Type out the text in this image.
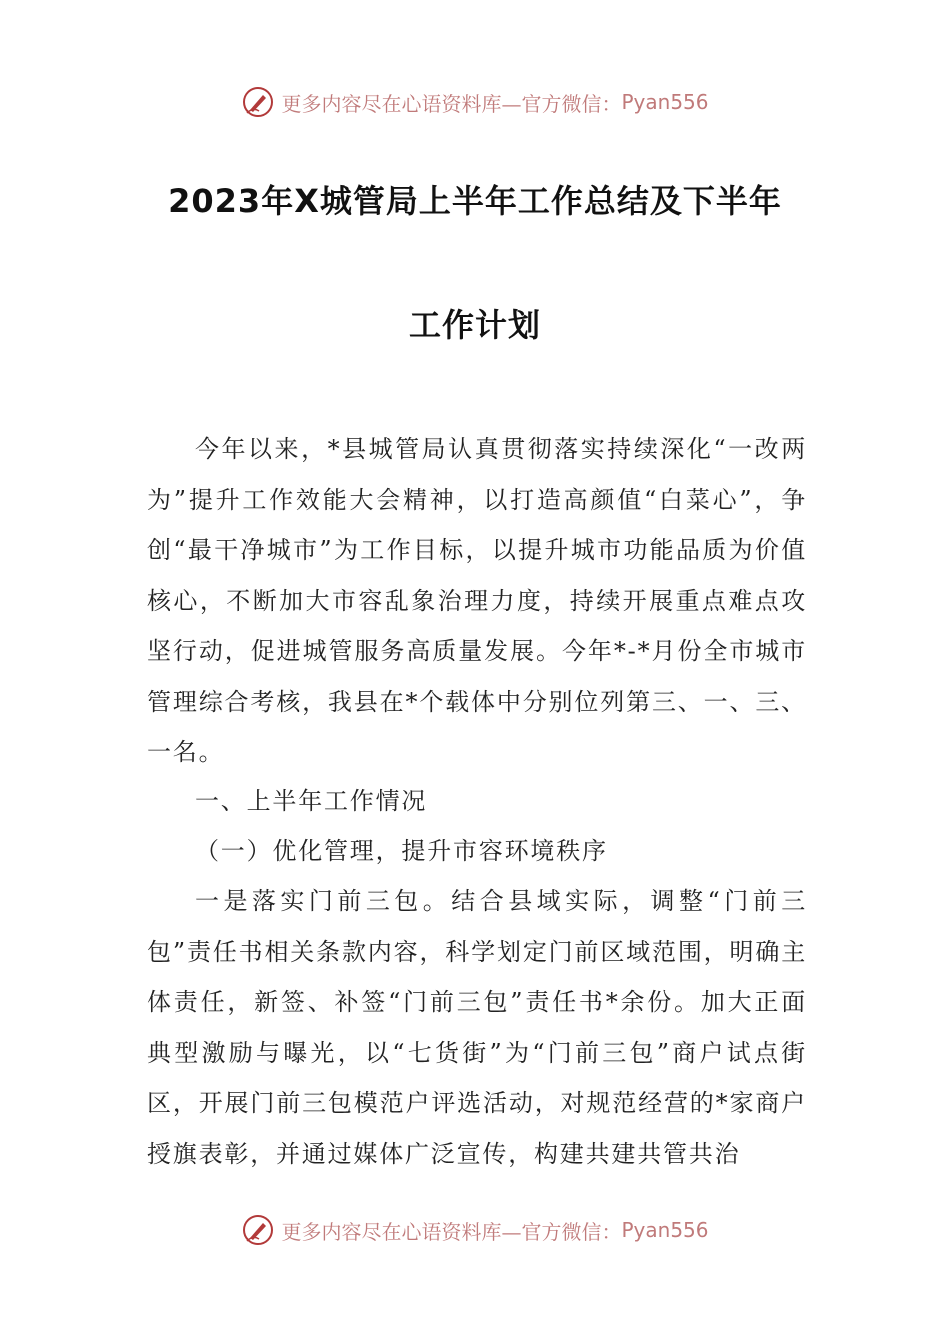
更多内容尽在心语资料库—官方微信： Pyan556
2023年X城管局上半年工作总结及下半年
工作计划

今年以来，*县城管局认真贯彻落实持续深化“一改两为”提升工作效能大会精神，以打造高颜值“白菜心”，争创“最干净城市”为工作目标，以提升城市功能品质为价值核心，不断加大市容乱象治理力度，持续开展重点难点攻坚行动，促进城管服务高质量发展。今年*-*月份全市城市管理综合考核，我县在*个载体中分别位列第三、一、三、一名。

一、上半年工作情况

（一）优化管理，提升市容环境秩序

一是落实门前三包。结合县域实际，调整“门前三包”责任书相关条款内容，科学划定门前区域范围，明确主体责任，新签、补签“门前三包”责任书*余份。加大正面典型激励与曝光，以“七货街”为“门前三包”商户试点街区，开展门前三包模范户评选活动，对规范经营的*家商户授旗表彰，并通过媒体广泛宣传，构建共建共管共治

更多内容尽在心语资料库—官方微信： Pyan556
